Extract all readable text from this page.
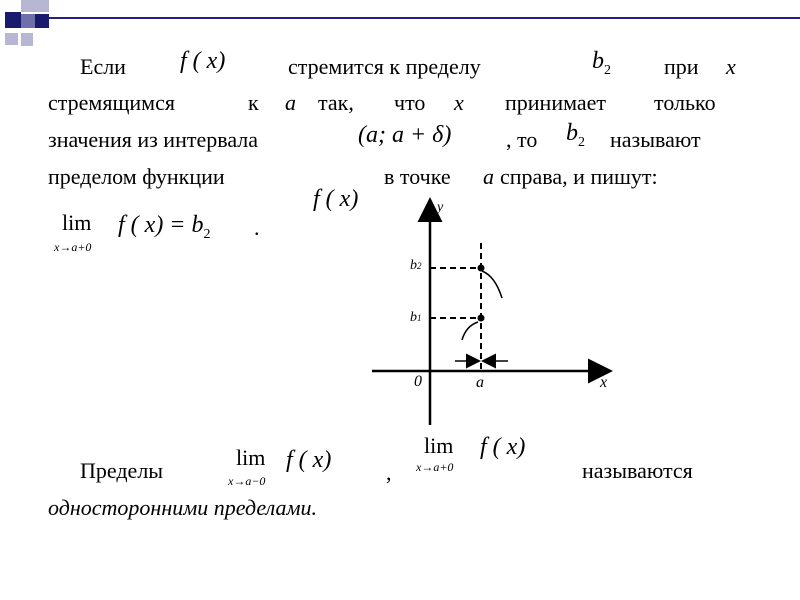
Если f ( x)	стремится к пределу	$b_2$ при x
стремящимся	к a так, что x принимает только
значения из интервала	(a; a + δ) , то $b_2$ называют
пределом функции
f ( x)
в точке a справа, и пишут:
lim
x→a+0
f ( $x) = b_2$ .
y
x
0	a
b2
b1
Пределы
lim
x→a−0
f ( x) ,
lim
x→a+0
f ( x)
называются
односторонними пределами.
